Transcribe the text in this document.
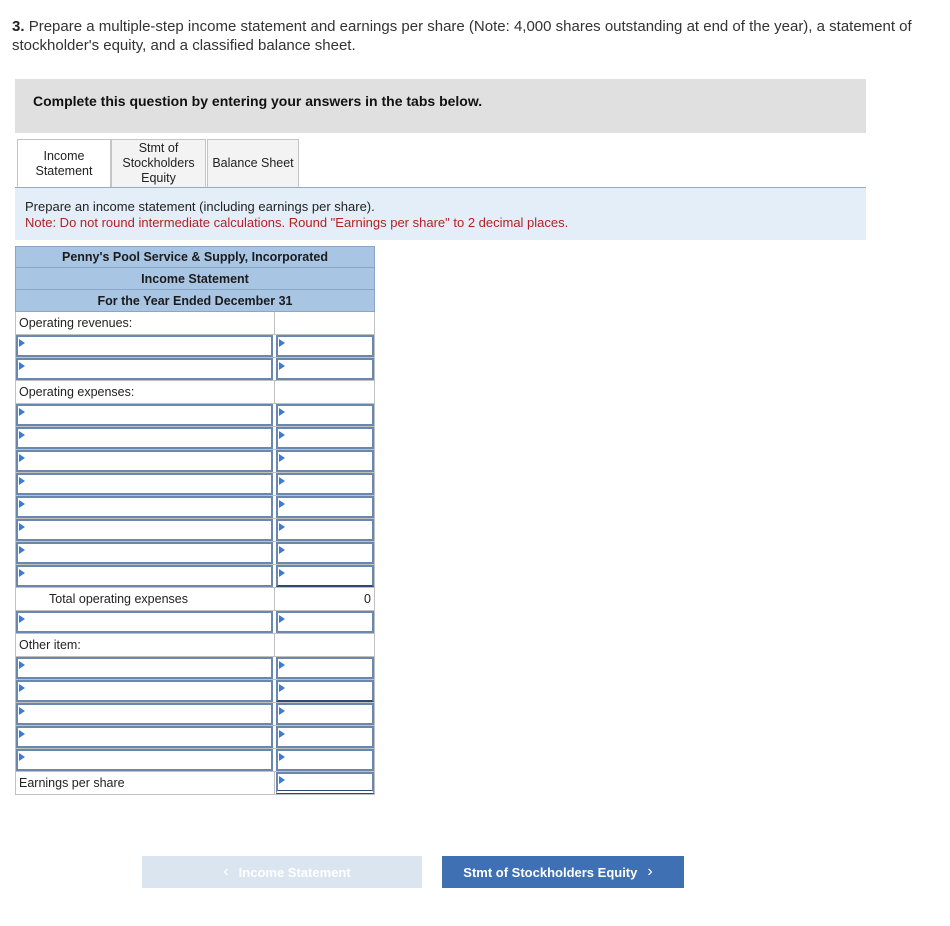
3. Prepare a multiple-step income statement and earnings per share (Note: 4,000 shares outstanding at end of the year), a statement of stockholder's equity, and a classified balance sheet.
Complete this question by entering your answers in the tabs below.
Income Statement
Stmt of Stockholders Equity
Balance Sheet
Prepare an income statement (including earnings per share).
Note: Do not round intermediate calculations. Round "Earnings per share" to 2 decimal places.
Penny's Pool Service & Supply, Incorporated
Income Statement
For the Year Ended December 31
Operating revenues:
Operating expenses:
Total operating expenses	0
Other item:
Earnings per share
‹ Income Statement	Stmt of Stockholders Equity ›
